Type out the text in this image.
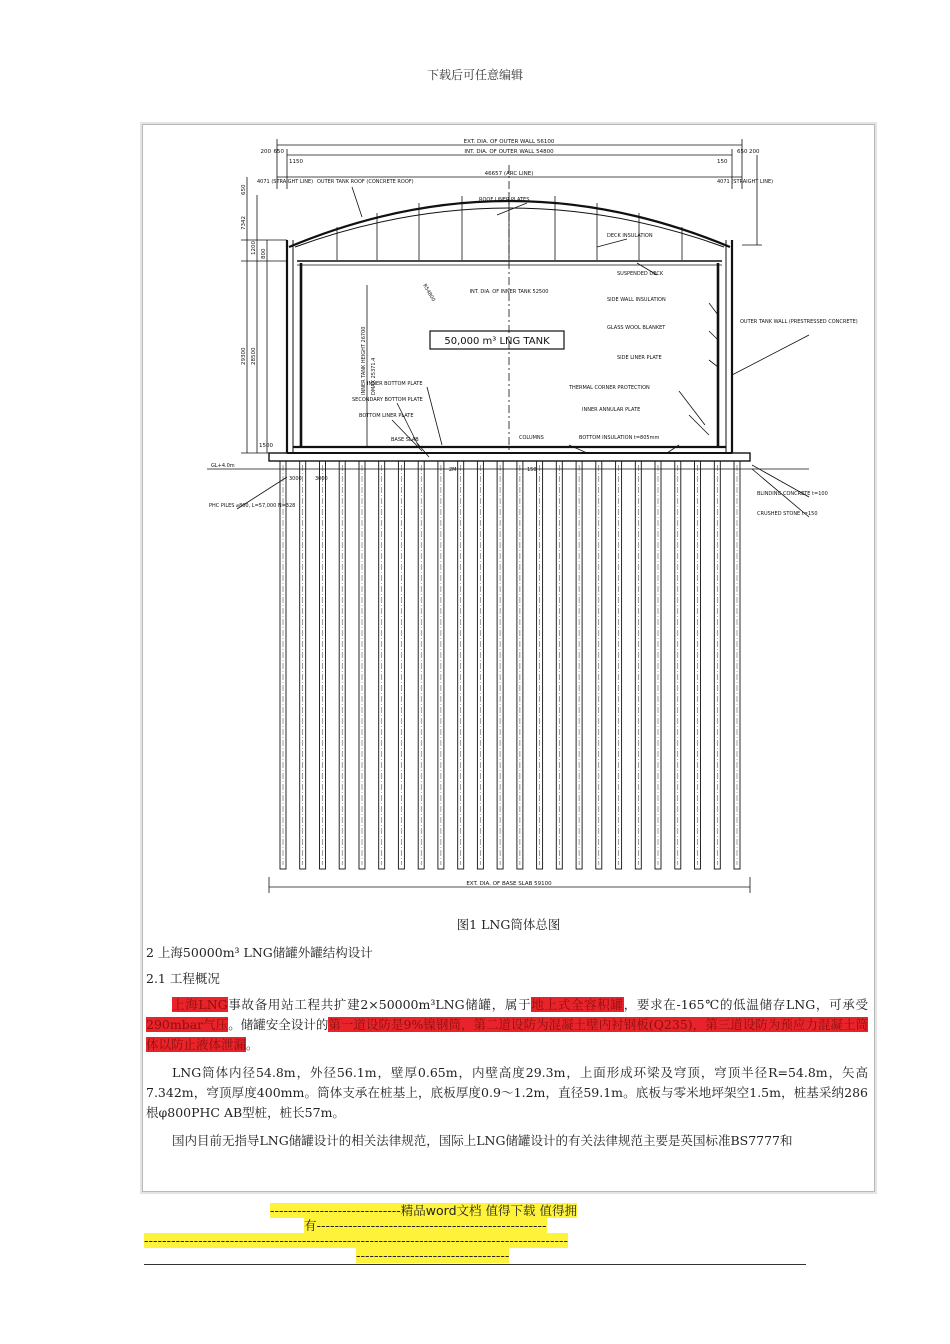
下载后可任意编辑
50,000 m³ LNG TANK
EXT. DIA. OF OUTER WALL 56100
INT. DIA. OF OUTER WALL 54800
46657 (ARC LINE)
4071 (STRAIGHT LINE)	4071 (STRAIGHT LINE)
200 650	650 200
1150	150
650
7342
1200 800
29300 28500
1500
INNER TANK HEIGHT 26700 DMAX 25371.4
R54800
OUTER TANK ROOF (CONCRETE ROOF)
ROOF LINER PLATES
DECK INSULATION
SUSPENDED DECK
INT. DIA. OF INNER TANK 52500
SIDE WALL INSULATION
GLASS WOOL BLANKET
OUTER TANK WALL (PRESTRESSED CONCRETE)
SIDE LINER PLATE
THERMAL CORNER PROTECTION
INNER ANNULAR PLATE
BOTTOM INSULATION t=805mm
COLUMNS
INNER BOTTOM PLATE
SECONDARY BOTTOM PLATE
BOTTOM LINER PLATE
BASE SLAB
3000	3000
2M	150
GL+4.0m
PHC PILES ⌀800, L=57,000 N=328
BLINDING CONCRETE t=100
CRUSHED STONE t=150
EXT. DIA. OF BASE SLAB 59100
图1 LNG筒体总图
2 上海50000m³ LNG储罐外罐结构设计
2.1 工程概况

上海LNG事故备用站工程共扩建2×50000m³LNG储罐，属于地上式全容积罐，要求在-165℃的低温储存LNG，可承受290mbar气压。储罐安全设计的第一道设防是9%镍钢筒，第二道设防为混凝土壁内衬钢板(Q235)，第三道设防为预应力混凝土筒体以防止液体泄漏。

LNG筒体内径54.8m，外径56.1m，壁厚0.65m，内壁高度29.3m，上面形成环梁及穹顶，穹顶半径R=54.8m，矢高7.342m，穹顶厚度400mm。筒体支承在桩基上，底板厚度0.9～1.2m，直径59.1m。底板与零米地坪架空1.5m，桩基采纳286根φ800PHC AB型桩，桩长57m。

国内目前无指导LNG储罐设计的相关法律规范，国际上LNG储罐设计的有关法律规范主要是英国标准BS7777和

-----------------------------精品word文档 值得下载 值得拥
有---------------------------------------------------
----------------------------------------------------------------------------------------------
----------------------------------
